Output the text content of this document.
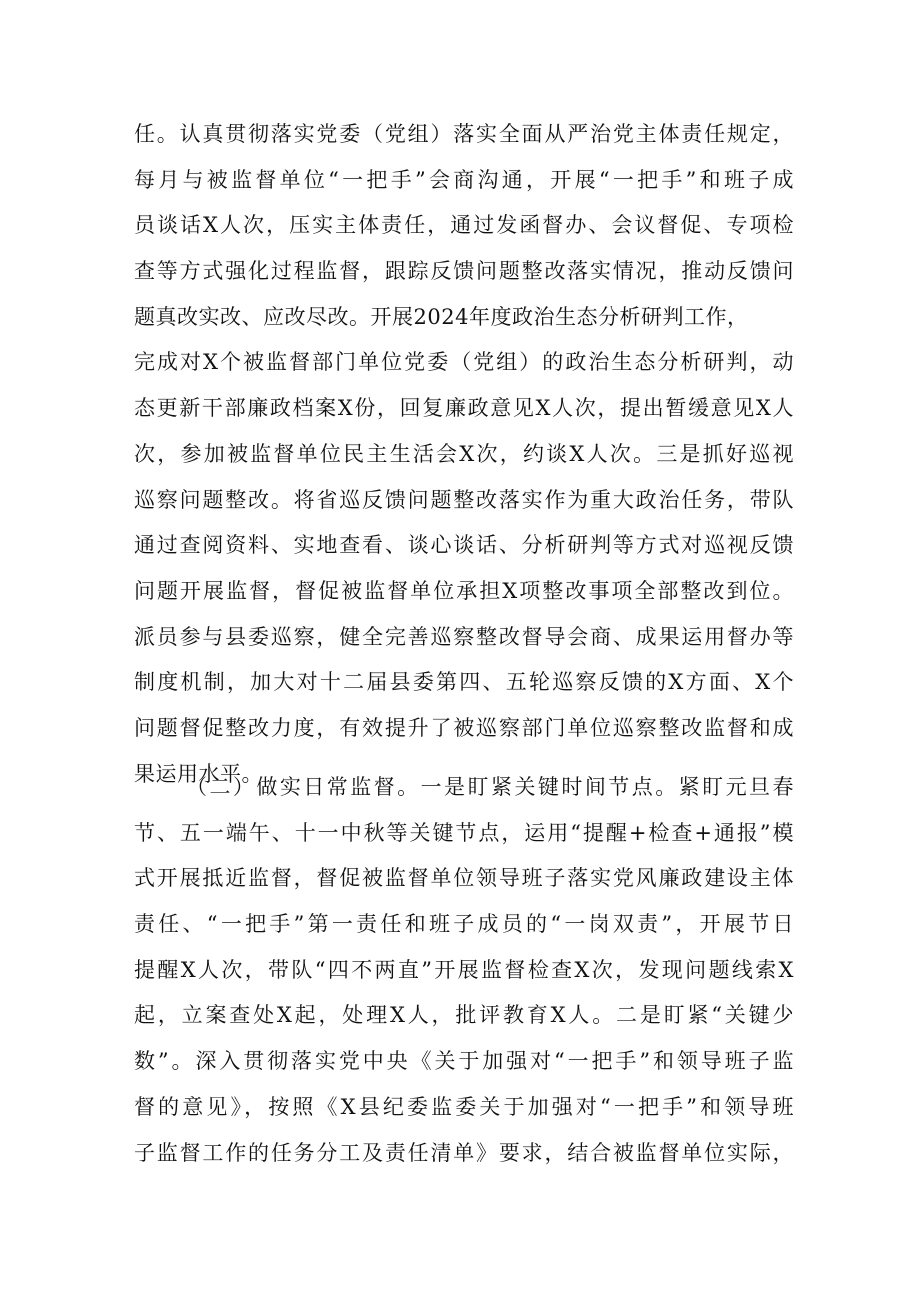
任。认真贯彻落实党委（党组）落实全面从严治党主体责任规定，
每月与被监督单位“一把手”会商沟通，开展“一把手”和班子成
员谈话X人次，压实主体责任，通过发函督办、会议督促、专项检
查等方式强化过程监督，跟踪反馈问题整改落实情况，推动反馈问
题真改实改、应改尽改。开展2024年度政治生态分析研判工作，
完成对X个被监督部门单位党委（党组）的政治生态分析研判，动
态更新干部廉政档案X份，回复廉政意见X人次，提出暂缓意见X人
次，参加被监督单位民主生活会X次，约谈X人次。三是抓好巡视
巡察问题整改。将省巡反馈问题整改落实作为重大政治任务，带队
通过查阅资料、实地查看、谈心谈话、分析研判等方式对巡视反馈
问题开展监督，督促被监督单位承担X项整改事项全部整改到位。
派员参与县委巡察，健全完善巡察整改督导会商、成果运用督办等
制度机制，加大对十二届县委第四、五轮巡察反馈的X方面、X个
问题督促整改力度，有效提升了被巡察部门单位巡察整改监督和成
果运用水平。
（二）做实日常监督。一是盯紧关键时间节点。紧盯元旦春
节、五一端午、十一中秋等关键节点，运用“提醒+检查+通报”模
式开展抵近监督，督促被监督单位领导班子落实党风廉政建设主体
责任、“一把手”第一责任和班子成员的“一岗双责”，开展节日
提醒X人次，带队“四不两直”开展监督检查X次，发现问题线索X
起，立案查处X起，处理X人，批评教育X人。二是盯紧“关键少
数”。深入贯彻落实党中央《关于加强对“一把手”和领导班子监
督的意见》，按照《X县纪委监委关于加强对“一把手”和领导班
子监督工作的任务分工及责任清单》要求，结合被监督单位实际，
